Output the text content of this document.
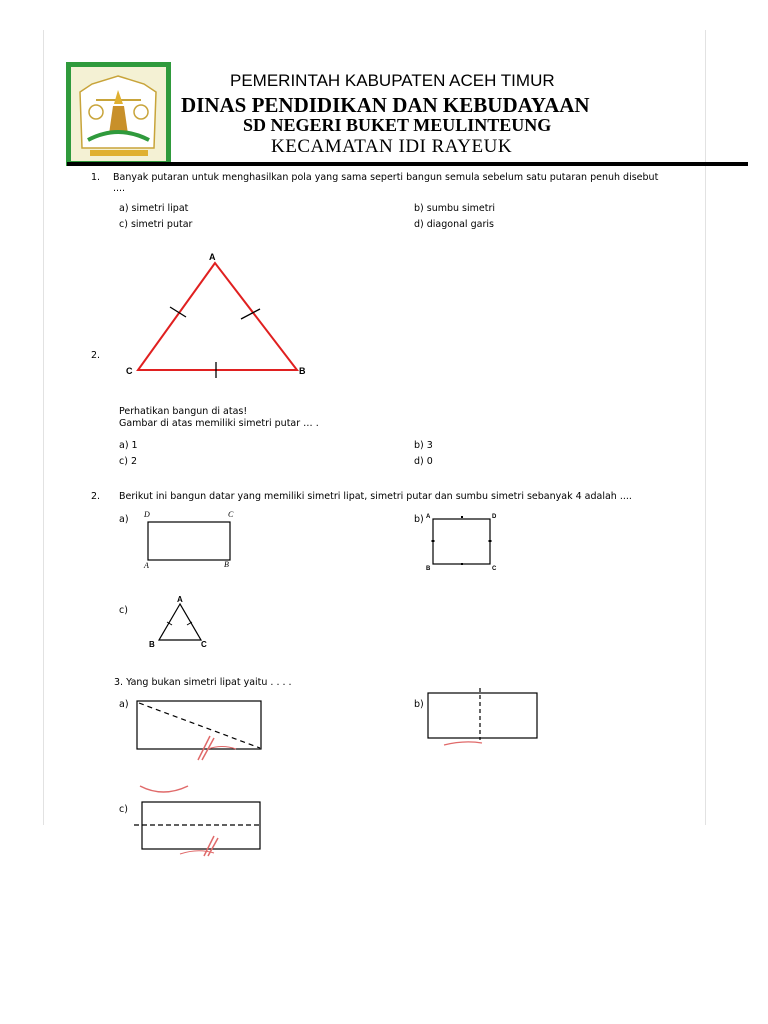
PEMERINTAH KABUPATEN ACEH TIMUR
DINAS PENDIDIKAN DAN KEBUDAYAAN
SD NEGERI BUKET MEULINTEUNG
KECAMATAN IDI RAYEUK
1. Banyak putaran untuk menghasilkan pola yang sama seperti bangun semula sebelum satu putaran penuh disebut ....
a) simetri lipat	b) sumbu simetri
c) simetri putar	d) diagonal garis
2.
A
C	B
Perhatikan bangun di atas!
Gambar di atas memiliki simetri putar … .
a) 1	b) 3
c) 2	d) 0
2. Berikut ini bangun datar yang memiliki simetri lipat, simetri putar dan sumbu simetri sebanyak 4 adalah ....
a) D	C
A	B
b) A	D
B	C
c)
A
B	C
3. Yang bukan simetri lipat yaitu . . . .
a)	b)
c)
